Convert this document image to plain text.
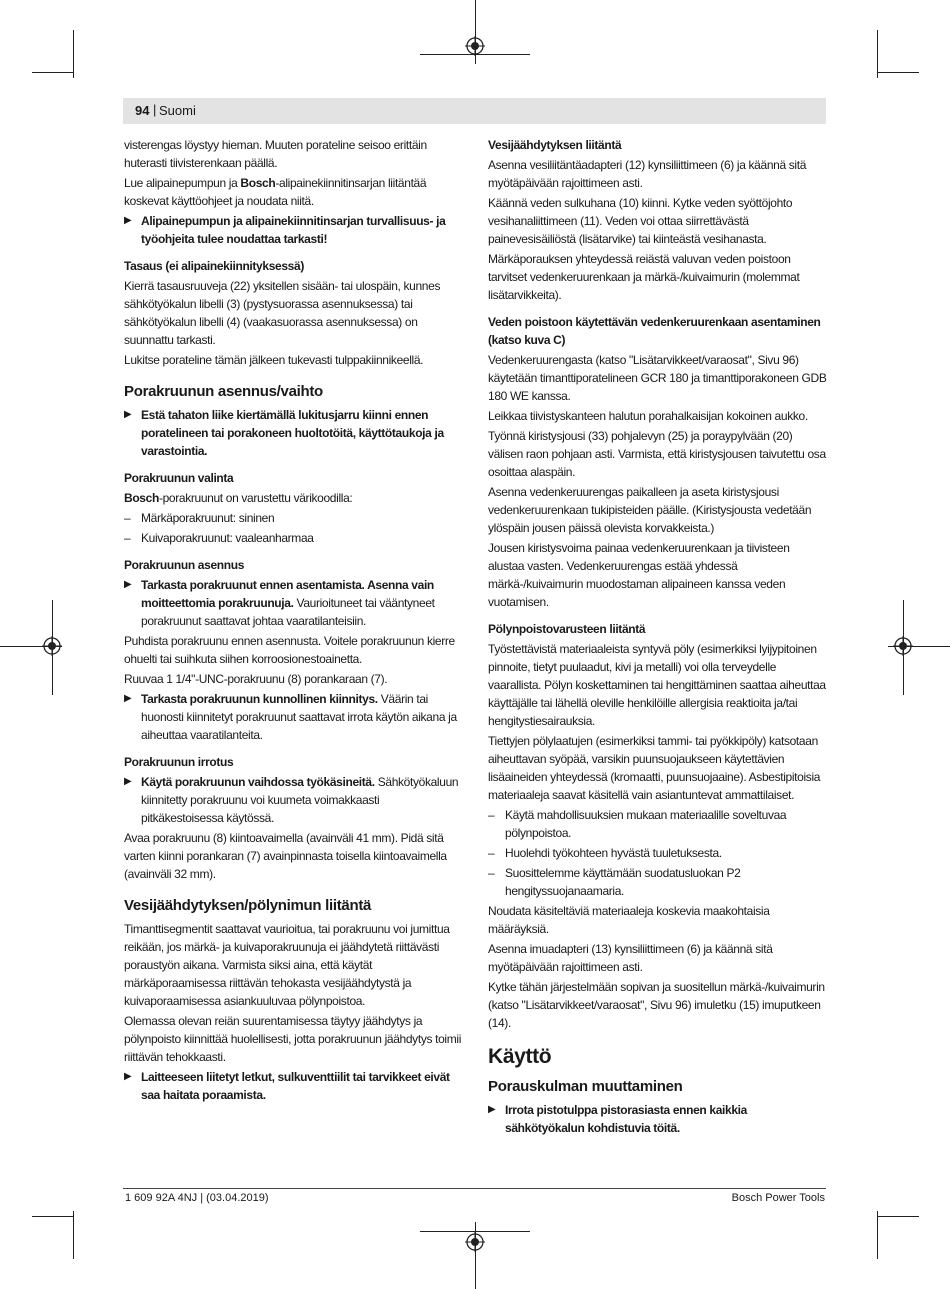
94 | Suomi

visterengas löystyy hieman. Muuten porateline seisoo erittäin huterasti tiivisterenkaan päällä.

Lue alipainepumpun ja Bosch-alipainekiinnitinsarjan liitäntää koskevat käyttöohjeet ja noudata niitä.

▶ Alipainepumpun ja alipainekiinnitinsarjan turvallisuus- ja työohjeita tulee noudattaa tarkasti!
Tasaus (ei alipainekiinnityksessä)

Kierrä tasausruuveja (22) yksitellen sisään- tai ulospäin, kunnes sähkötyökalun libelli (3) (pystysuorassa asennuksessa) tai sähkötyökalun libelli (4) (vaakasuorassa asennuksessa) on suunnattu tarkasti.

Lukitse porateline tämän jälkeen tukevasti tulppakiinnikeellä.

Porakruunun asennus/vaihto
▶ Estä tahaton liike kiertämällä lukitusjarru kiinni ennen poratelineen tai porakoneen huoltotöitä, käyttötaukoja ja varastointia.
Porakruunun valinta

Bosch-porakruunut on varustettu värikoodilla:

– Märkäporakruunut: sininen
– Kuivaporakruunut: vaaleanharmaa
Porakruunun asennus
▶ Tarkasta porakruunut ennen asentamista. Asenna vain moitteettomia porakruunuja. Vaurioituneet tai vääntyneet porakruunut saattavat johtaa vaaratilanteisiin.

Puhdista porakruunu ennen asennusta. Voitele porakruunun kierre ohuelti tai suihkuta siihen korroosionestoainetta.

Ruuvaa 1 1/4"-UNC-porakruunu (8) porankaraan (7).

▶ Tarkasta porakruunun kunnollinen kiinnitys. Väärin tai huonosti kiinnitetyt porakruunut saattavat irrota käytön aikana ja aiheuttaa vaaratilanteita.
Porakruunun irrotus
▶ Käytä porakruunun vaihdossa työkäsineitä. Sähkötyökaluun kiinnitetty porakruunu voi kuumeta voimakkaasti pitkäkestoisessa käytössä.

Avaa porakruunu (8) kiintoavaimella (avainväli 41 mm). Pidä sitä varten kiinni porankaran (7) avainpinnasta toisella kiintoavaimella (avainväli 32 mm).

Vesijäähdytyksen/pölynimun liitäntä

Timanttisegmentit saattavat vaurioitua, tai porakruunu voi jumittua reikään, jos märkä- ja kuivaporakruunuja ei jäähdytetä riittävästi poraustyön aikana. Varmista siksi aina, että käytät märkäporaamisessa riittävän tehokasta vesijäähdytystä ja kuivaporaamisessa asiankuuluvaa pölynpoistoa.

Olemassa olevan reiän suurentamisessa täytyy jäähdytys ja pölynpoisto kiinnittää huolellisesti, jotta porakruunun jäähdytys toimii riittävän tehokkaasti.

▶ Laitteeseen liitetyt letkut, sulkuventtiilit tai tarvikkeet eivät saa haitata poraamista.
Vesijäähdytyksen liitäntä

Asenna vesiliitäntäadapteri (12) kynsiliittimeen (6) ja käännä sitä myötäpäivään rajoittimeen asti.

Käännä veden sulkuhana (10) kiinni. Kytke veden syöttöjohto vesihanaliittimeen (11). Veden voi ottaa siirrettävästä painevesisäiliöstä (lisätarvike) tai kiinteästä vesihanasta.

Märkäporauksen yhteydessä reiästä valuvan veden poistoon tarvitset vedenkeruurenkaan ja märkä-/kuivaimurin (molemmat lisätarvikkeita).

Veden poistoon käytettävän vedenkeruurenkaan asentaminen (katso kuva C)

Vedenkeruurengasta (katso "Lisätarvikkeet/varaosat", Sivu 96) käytetään timanttiporatelineen GCR 180 ja timanttiporakoneen GDB 180 WE kanssa.

Leikkaa tiivistyskanteen halutun porahalkaisijan kokoinen aukko.

Työnnä kiristysjousi (33) pohjalevyn (25) ja poraypylvään (20) välisen raon pohjaan asti. Varmista, että kiristysjousen taivutettu osa osoittaa alaspäin.

Asenna vedenkeruurengas paikalleen ja aseta kiristysjousi vedenkeruurenkaan tukipisteiden päälle. (Kiristysjousta vedetään ylöspäin jousen päissä olevista korvakkeista.)

Jousen kiristysvoima painaa vedenkeruurenkaan ja tiivisteen alustaa vasten. Vedenkeruurengas estää yhdessä märkä-/kuivaimurin muodostaman alipaineen kanssa veden vuotamisen.

Pölynpoistovarusteen liitäntä

Työstettävistä materiaaleista syntyvä pöly (esimerkiksi lyijypitoinen pinnoite, tietyt puulaadut, kivi ja metalli) voi olla terveydelle vaarallista. Pölyn koskettaminen tai hengittäminen saattaa aiheuttaa käyttäjälle tai lähellä oleville henkilöille allergisia reaktioita ja/tai hengitystiesairauksia.

Tiettyjen pölylaatujen (esimerkiksi tammi- tai pyökkipöly) katsotaan aiheuttavan syöpää, varsikin puunsuojaukseen käytettävien lisäaineiden yhteydessä (kromaatti, puunsuojaaine). Asbestipitoisia materiaaleja saavat käsitellä vain asiantuntevat ammattilaiset.

– Käytä mahdollisuuksien mukaan materiaalille soveltuvaa pölynpoistoa.
– Huolehdi työkohteen hyvästä tuuletuksesta.
– Suosittelemme käyttämään suodatusluokan P2 hengityssuojanaamaria.

Noudata käsiteltäviä materiaaleja koskevia maakohtaisia määräyksiä.

Asenna imuadapteri (13) kynsiliittimeen (6) ja käännä sitä myötäpäivään rajoittimeen asti.

Kytke tähän järjestelmään sopivan ja suositellun märkä-/kuivaimurin (katso "Lisätarvikkeet/varaosat", Sivu 96) imuletku (15) imuputkeen (14).

Käyttö
Porauskulman muuttaminen
▶ Irrota pistotulppa pistorasiasta ennen kaikkia sähkötyökalun kohdistuvia töitä.
1 609 92A 4NJ | (03.04.2019)	Bosch Power Tools
